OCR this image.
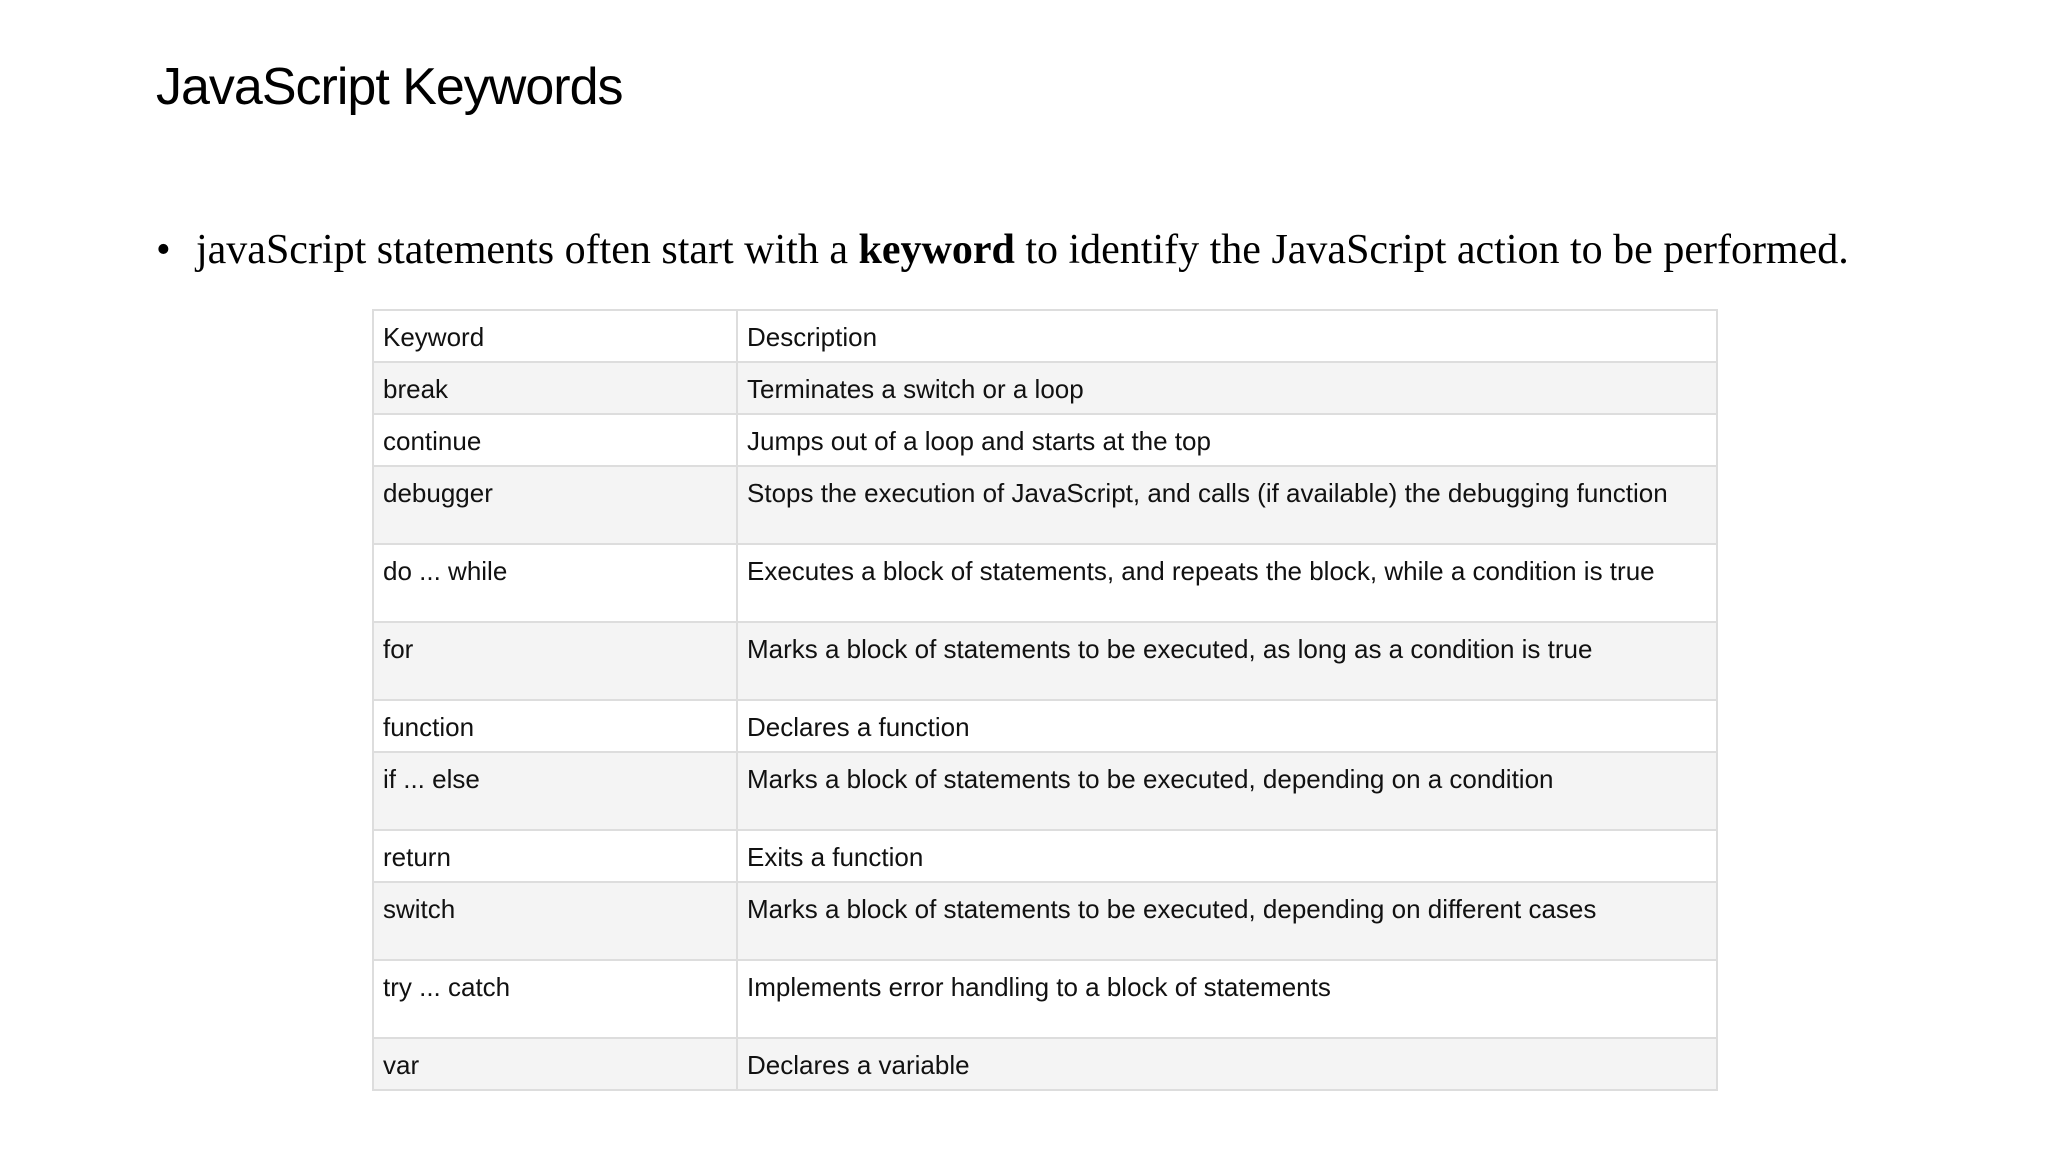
JavaScript Keywords

• javaScript statements often start with a keyword to identify the JavaScript action to be performed.

Keyword	Description
break	Terminates a switch or a loop
continue	Jumps out of a loop and starts at the top
debugger	Stops the execution of JavaScript, and calls (if available) the debugging function
do ... while	Executes a block of statements, and repeats the block, while a condition is true
for	Marks a block of statements to be executed, as long as a condition is true
function	Declares a function
if ... else	Marks a block of statements to be executed, depending on a condition
return	Exits a function
switch	Marks a block of statements to be executed, depending on different cases
try ... catch	Implements error handling to a block of statements
var	Declares a variable
